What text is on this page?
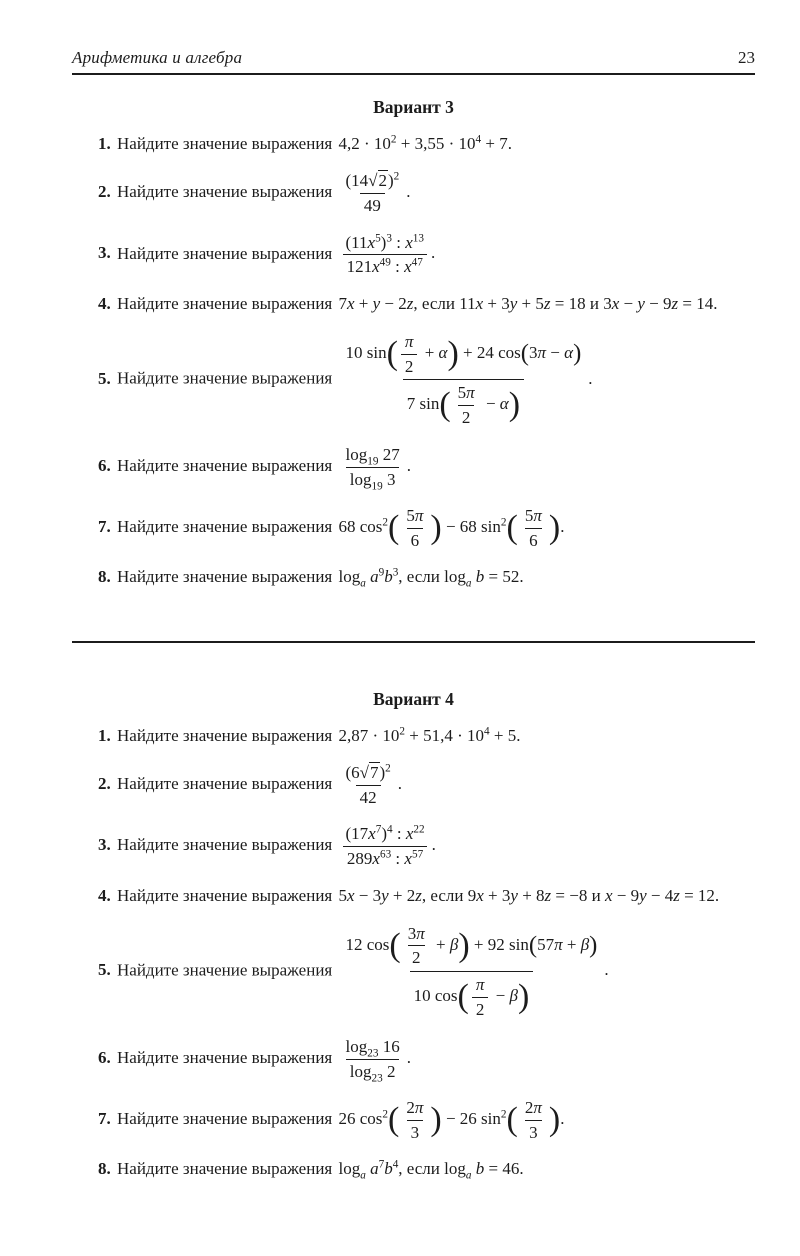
Арифметика и алгебра	23
Вариант 3
1. Найдите значение выражения $4,2 \cdot 10^2 + 3,55 \cdot 10^4 + 7$.
2. Найдите значение выражения $\frac{(14√2)^2}{49}$ .
3. Найдите значение выражения $\frac{(11x^5)^3 : x^{13}}{121x^{49} : x^{47}}$ .
4. Найдите значение выражения 7x + y − 2z, если 11x + 3y + 5z = 18 и 3x − y − 9z = 14.
5. Найдите значение выражения $\frac{10 \sin( \frac{\pi}{2} + \alpha) + 24 \cos(3\pi - \alpha)}{7 \sin( \frac{5\pi}{2} - \alpha)}$ .
6. Найдите значение выражения $\frac{\log_{19} 27}{\log_{19} 3}$ .
7. Найдите значение выражения 68 $\cos^2( \frac{5\pi}{6}$ ) − 68 $\sin^2( \frac{5\pi}{6}$ ).
8. Найдите значение выражения $\log_a a^9b^3$, если $\log_a b = 52$.
Вариант 4
1. Найдите значение выражения $2,87 \cdot 10^2 + 51,4 \cdot 10^4 + 5$.
2. Найдите значение выражения $\frac{(6√7)^2}{42}$ .
3. Найдите значение выражения $\frac{(17x^7)^4 : x^{22}}{289x^{63} : x^{57}}$ .
4. Найдите значение выражения 5x − 3y + 2z, если 9x + 3y + 8z = −8 и x − 9y − 4z = 12.
5. Найдите значение выражения $\frac{12 \cos( \frac{3\pi}{2} + \beta) + 92 \sin(57\pi + \beta)}{10 \cos( \frac{\pi}{2} - \beta)}$ .
6. Найдите значение выражения $\frac{\log_{23} 16}{\log_{23} 2}$ .
7. Найдите значение выражения 26 $\cos^2( \frac{2\pi}{3}$ ) − 26 $\sin^2( \frac{2\pi}{3}$ ).
8. Найдите значение выражения $\log_a a^7b^4$, если $\log_a b = 46$.
